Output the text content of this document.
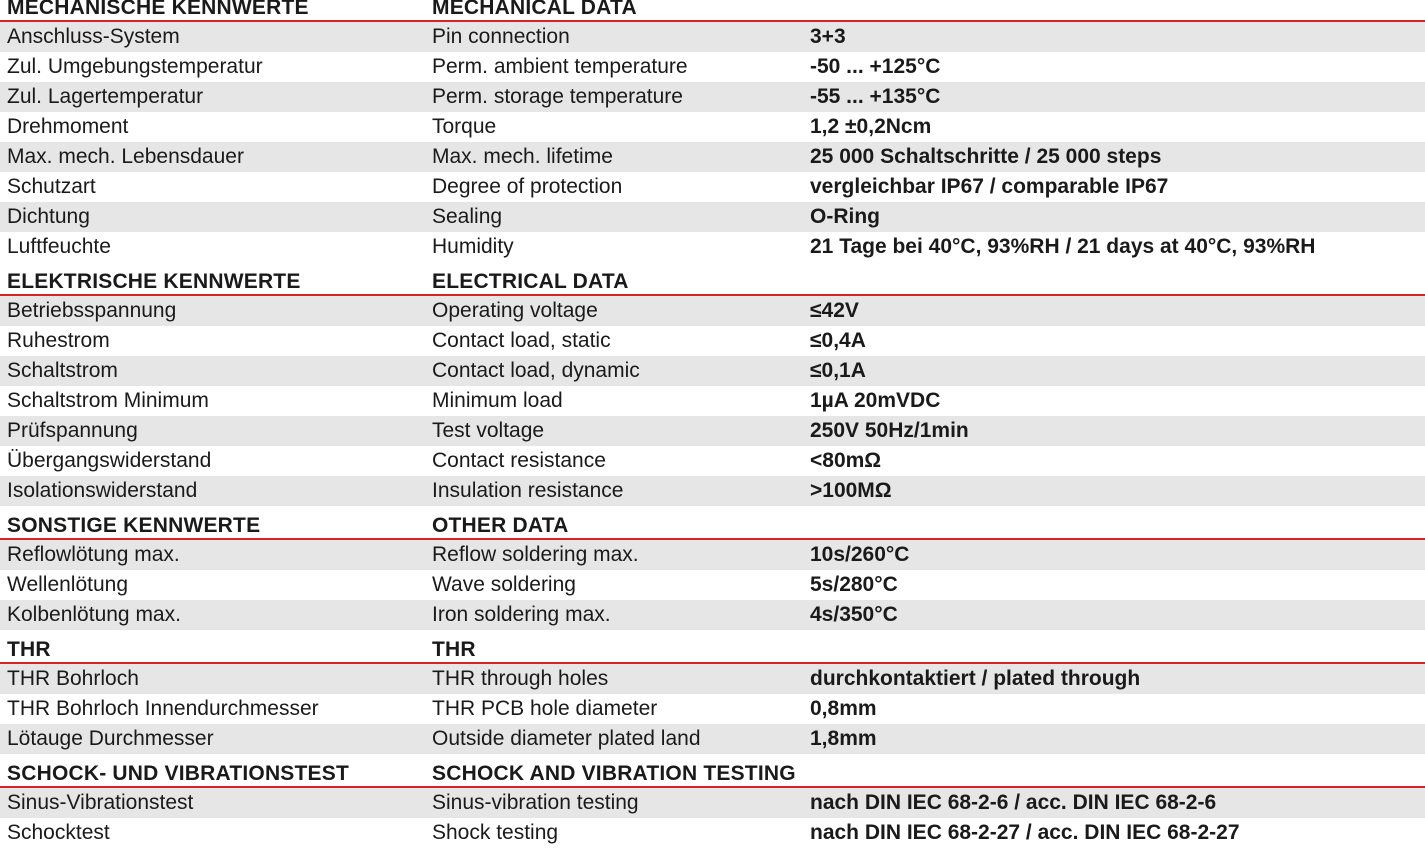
MECHANISCHE KENNWERTE	MECHANICAL DATA
Anschluss-System	Pin connection	3+3
Zul. Umgebungstemperatur	Perm. ambient temperature	-50 ... +125°C
Zul. Lagertemperatur	Perm. storage temperature	-55 ... +135°C
Drehmoment	Torque	1,2 ±0,2Ncm
Max. mech. Lebensdauer	Max. mech. lifetime	25 000 Schaltschritte / 25 000 steps
Schutzart	Degree of protection	vergleichbar IP67 / comparable IP67
Dichtung	Sealing	O-Ring
Luftfeuchte	Humidity	21 Tage bei 40°C, 93%RH / 21 days at 40°C, 93%RH
ELEKTRISCHE KENNWERTE	ELECTRICAL DATA
Betriebsspannung	Operating voltage	≤42V
Ruhestrom	Contact load, static	≤0,4A
Schaltstrom	Contact load, dynamic	≤0,1A
Schaltstrom Minimum	Minimum load	1µA 20mVDC
Prüfspannung	Test voltage	250V 50Hz/1min
Übergangswiderstand	Contact resistance	<80mΩ
Isolationswiderstand	Insulation resistance	>100MΩ
SONSTIGE KENNWERTE	OTHER DATA
Reflowlötung max.	Reflow soldering max.	10s/260°C
Wellenlötung	Wave soldering	5s/280°C
Kolbenlötung max.	Iron soldering max.	4s/350°C
THR	THR
THR Bohrloch	THR through holes	durchkontaktiert / plated through
THR Bohrloch Innendurchmesser	THR PCB hole diameter	0,8mm
Lötauge Durchmesser	Outside diameter plated land	1,8mm
SCHOCK- UND VIBRATIONSTEST	SCHOCK AND VIBRATION TESTING
Sinus-Vibrationstest	Sinus-vibration testing	nach DIN IEC 68-2-6 / acc. DIN IEC 68-2-6
Schocktest	Shock testing	nach DIN IEC 68-2-27 / acc. DIN IEC 68-2-27
